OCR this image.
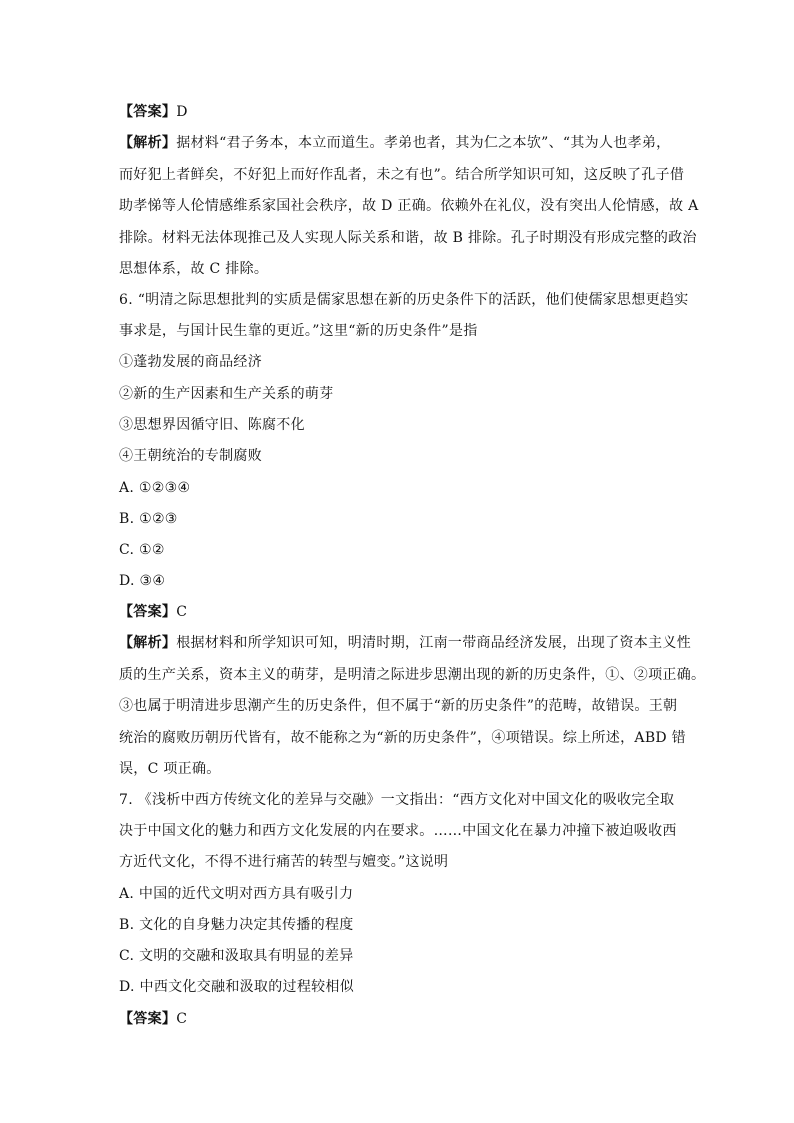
【答案】D
【解析】据材料“君子务本，本立而道生。孝弟也者，其为仁之本欤”、“其为人也孝弟，
而好犯上者鲜矣，不好犯上而好作乱者，未之有也”。结合所学知识可知，这反映了孔子借
助孝悌等人伦情感维系家国社会秩序，故 D 正确。依赖外在礼仪，没有突出人伦情感，故 A
排除。材料无法体现推己及人实现人际关系和谐，故 B 排除。孔子时期没有形成完整的政治
思想体系，故 C 排除。
6. “明清之际思想批判的实质是儒家思想在新的历史条件下的活跃，他们使儒家思想更趋实
事求是，与国计民生靠的更近。”这里“新的历史条件”是指
①蓬勃发展的商品经济
②新的生产因素和生产关系的萌芽
③思想界因循守旧、陈腐不化
④王朝统治的专制腐败
A. ①②③④
B. ①②③
C. ①②
D. ③④
【答案】C
【解析】根据材料和所学知识可知，明清时期，江南一带商品经济发展，出现了资本主义性
质的生产关系，资本主义的萌芽，是明清之际进步思潮出现的新的历史条件，①、②项正确。
③也属于明清进步思潮产生的历史条件，但不属于“新的历史条件”的范畴，故错误。王朝
统治的腐败历朝历代皆有，故不能称之为“新的历史条件”，④项错误。综上所述，ABD 错
误，C 项正确。
7. 《浅析中西方传统文化的差异与交融》一文指出：“西方文化对中国文化的吸收完全取
决于中国文化的魅力和西方文化发展的内在要求。……中国文化在暴力冲撞下被迫吸收西
方近代文化，不得不进行痛苦的转型与嬗变。”这说明
A. 中国的近代文明对西方具有吸引力
B. 文化的自身魅力决定其传播的程度
C. 文明的交融和汲取具有明显的差异
D. 中西文化交融和汲取的过程较相似
【答案】C
